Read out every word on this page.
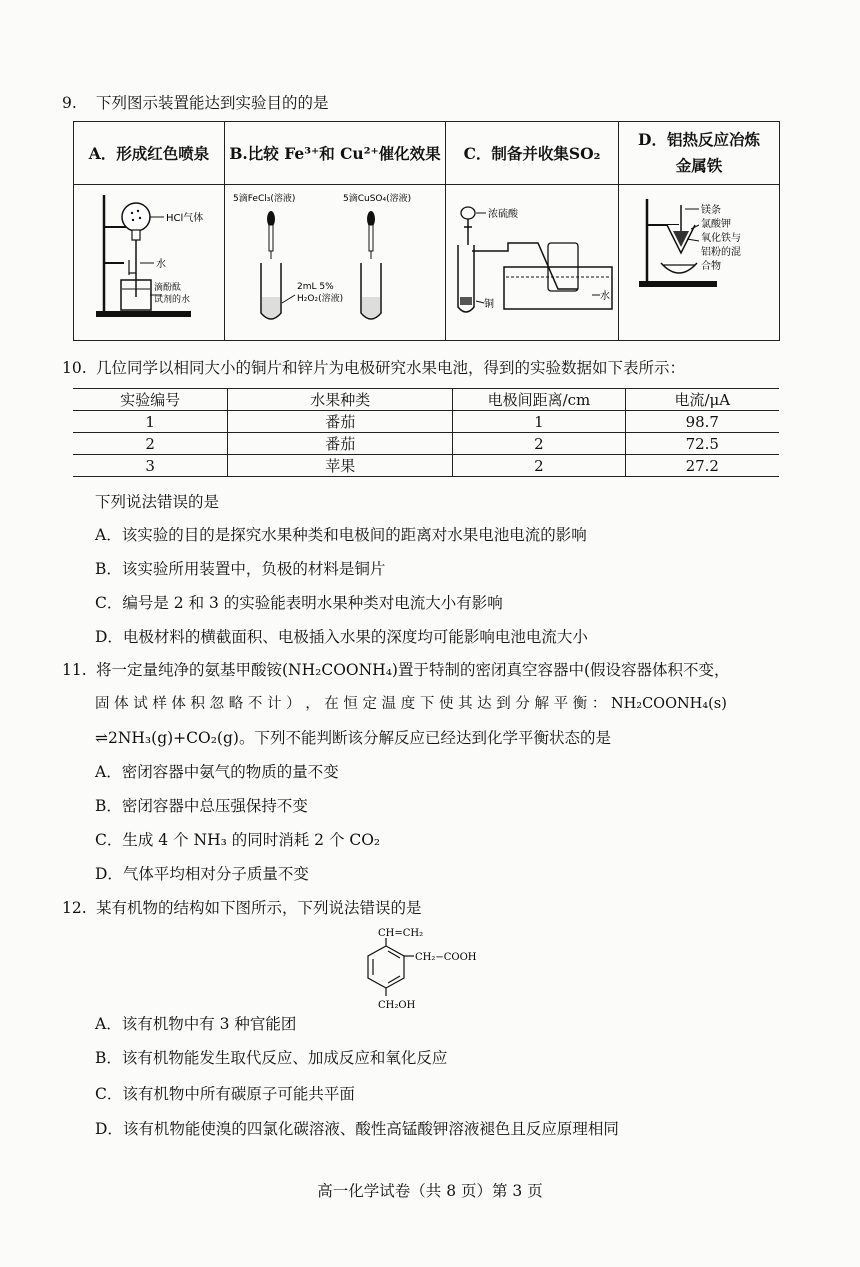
9. 下列图示装置能达到实验目的的是
A．形成红色喷泉	B.比较 Fe³⁺和 Cu²⁺催化效果	C．制备并收集SO₂	D．铝热反应冶炼金属铁

HCl气体
水
滴酚酞
试剂的水	5滴FeCl₃(溶液) 5滴CuSO₄(溶液)
2mL 5%
H₂O₂(溶液)	浓硫酸
铜
水	镁条
氯酸钾
氧化铁与
铝粉的混
合物
10. 几位同学以相同大小的铜片和锌片为电极研究水果电池，得到的实验数据如下表所示：
实验编号	水果种类	电极间距离/cm	电流/μA
1	番茄	1	98.7
2	番茄	2	72.5
3	苹果	2	27.2
下列说法错误的是
A．该实验的目的是探究水果种类和电极间的距离对水果电池电流的影响
B．该实验所用装置中，负极的材料是铜片
C．编号是 2 和 3 的实验能表明水果种类对电流大小有影响
D．电极材料的横截面积、电极插入水果的深度均可能影响电池电流大小
11. 将一定量纯净的氨基甲酸铵(NH₂COONH₄)置于特制的密闭真空容器中(假设容器体积不变，
固 体 试 样 体 积 忽 略 不 计 ） ， 在 恒 定 温 度 下 使 其 达 到 分 解 平 衡 ： NH₂COONH₄(s)
⇌2NH₃(g)+CO₂(g)。下列不能判断该分解反应已经达到化学平衡状态的是
A．密闭容器中氨气的物质的量不变
B．密闭容器中总压强保持不变
C．生成 4 个 NH₃ 的同时消耗 2 个 CO₂
D．气体平均相对分子质量不变
12. 某有机物的结构如下图所示，下列说法错误的是
CH=CH₂
CH₂−COOH
CH₂OH
A．该有机物中有 3 种官能团
B．该有机物能发生取代反应、加成反应和氧化反应
C．该有机物中所有碳原子可能共平面
D．该有机物能使溴的四氯化碳溶液、酸性高锰酸钾溶液褪色且反应原理相同
高一化学试卷（共 8 页）第 3 页
